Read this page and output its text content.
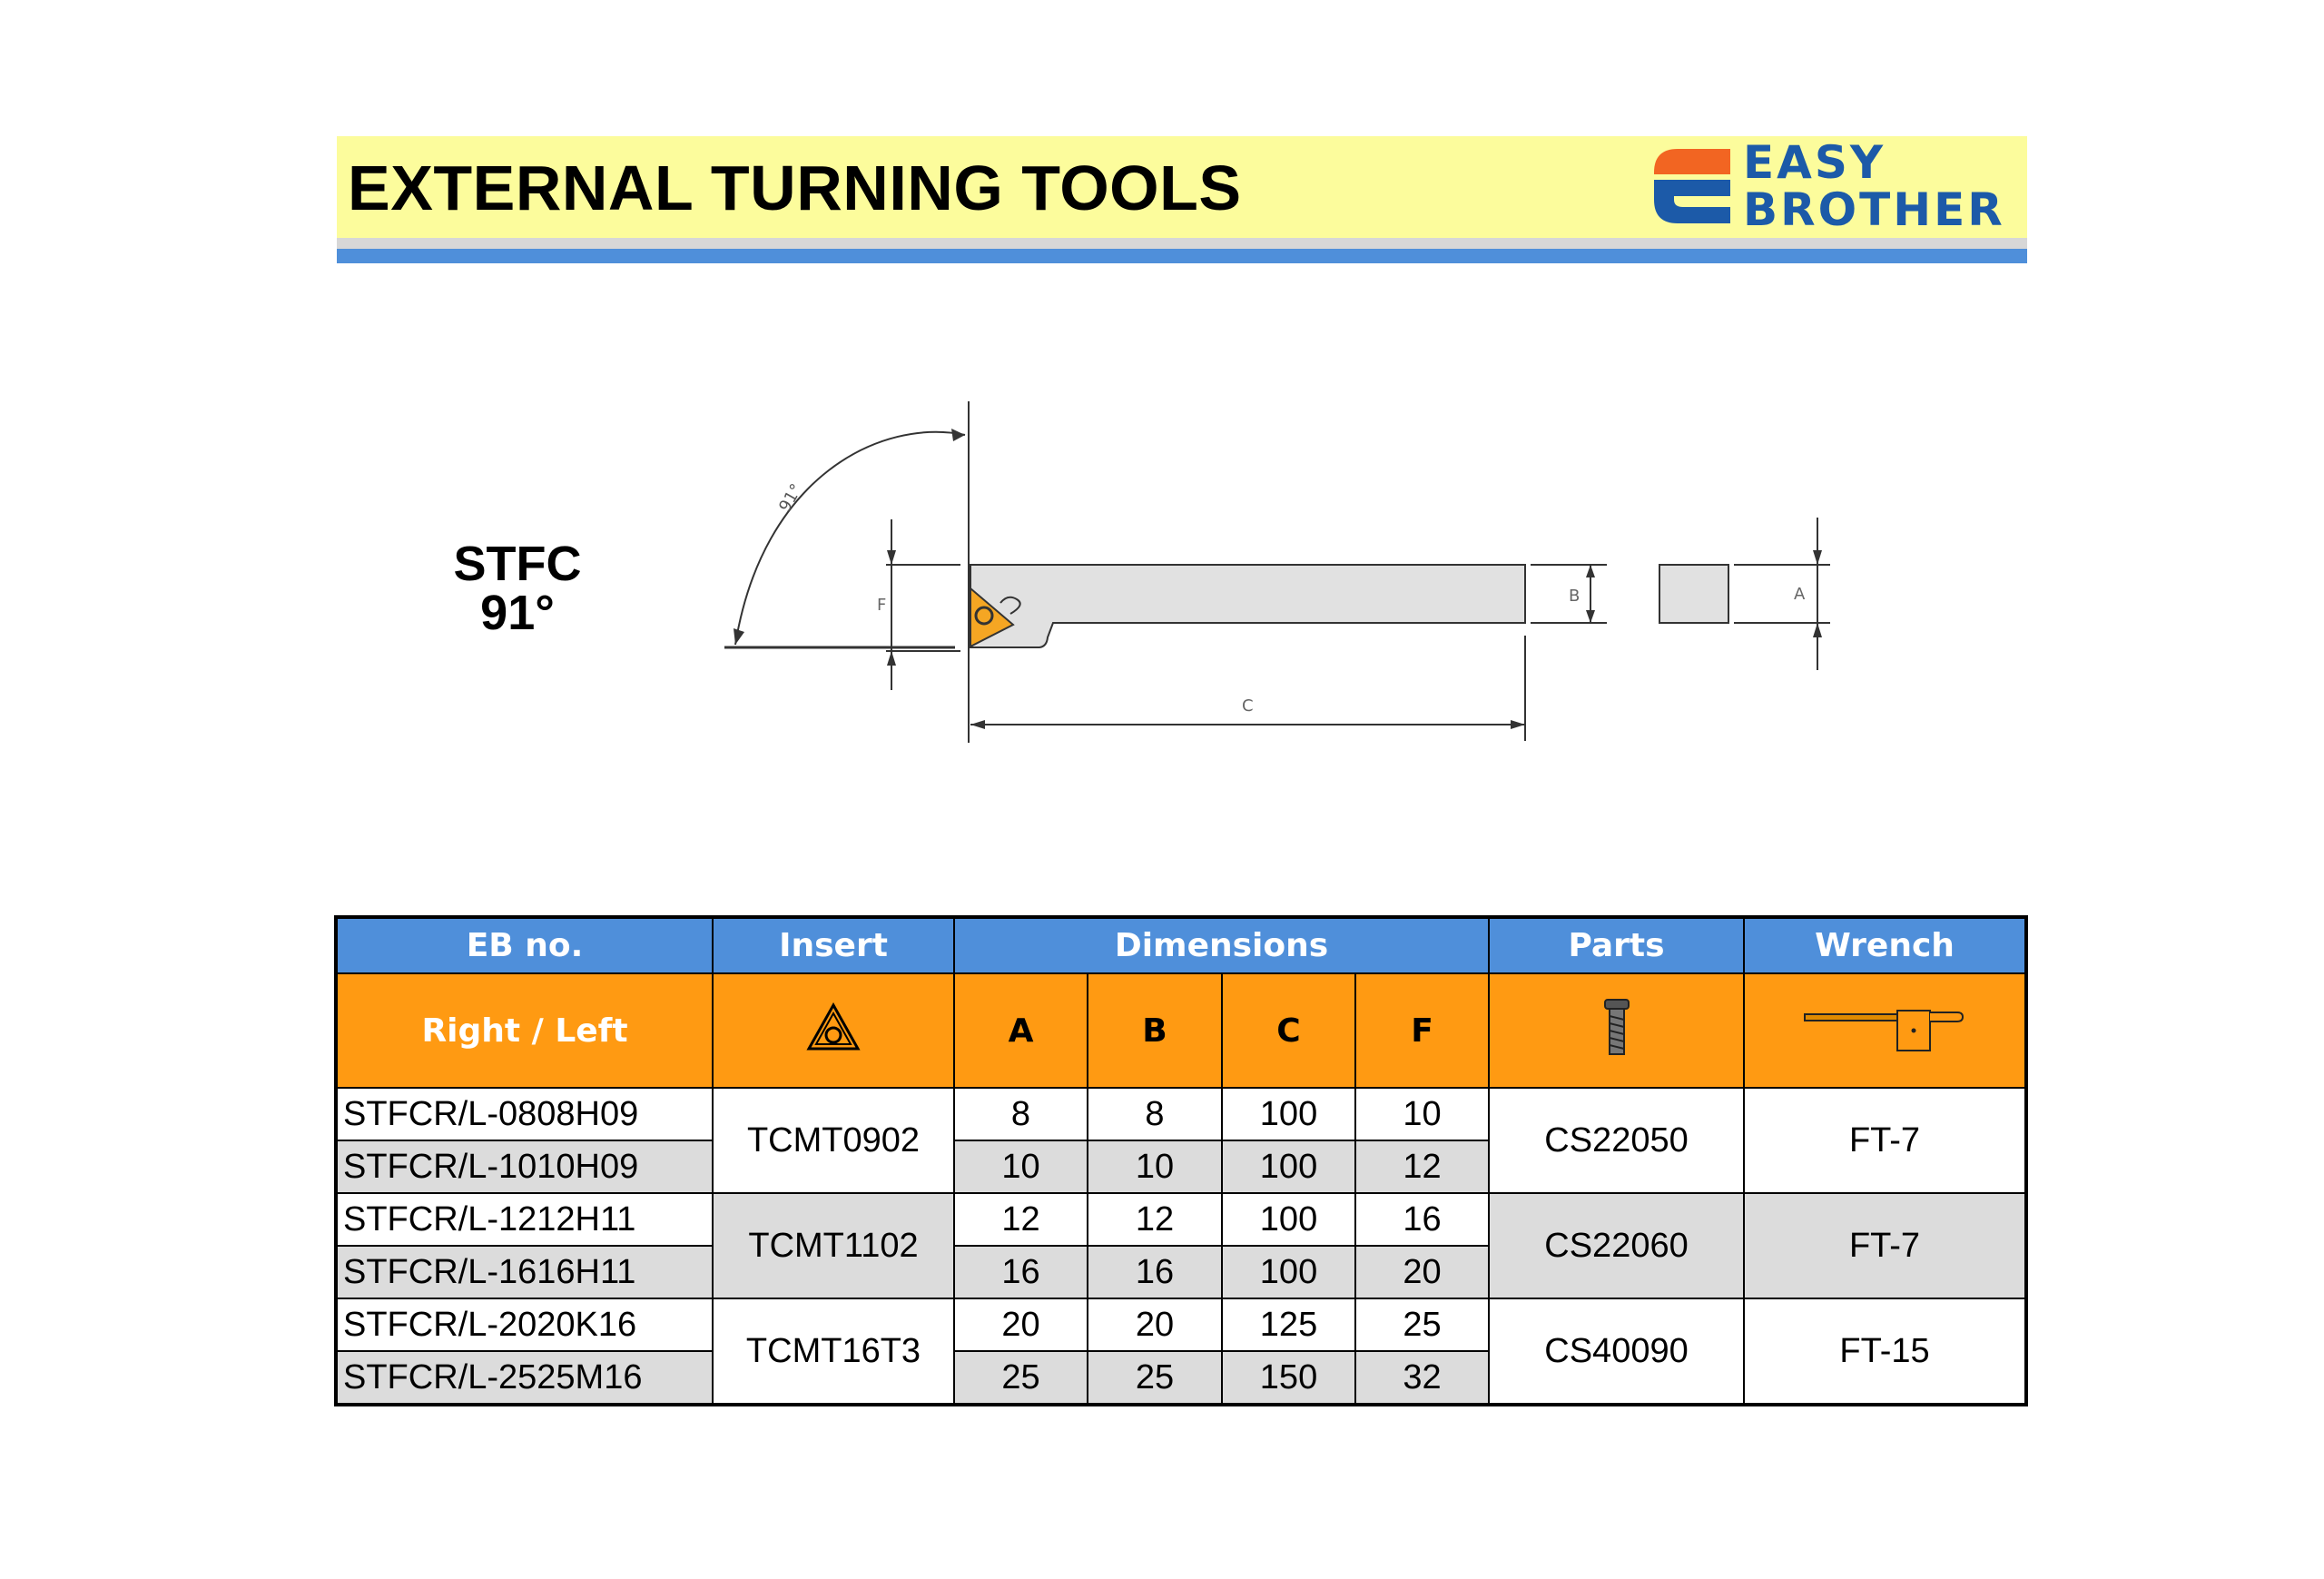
EXTERNAL TURNING TOOLS	EASY
BROTHER
STFC
91°
91°
F	B	A
C
EB no.	Insert	Dimensions				Parts	Wrench
Right / Left		A	B	C	F		
STFCR/L-0808H09	TCMT0902	8	8	100	10	CS22050	FT-7
STFCR/L-1010H09		10	10	100	12		
STFCR/L-1212H11	TCMT1102	12	12	100	16	CS22060	FT-7
STFCR/L-1616H11		16	16	100	20		
STFCR/L-2020K16	TCMT16T3	20	20	125	25	CS40090	FT-15
STFCR/L-2525M16		25	25	150	32		
